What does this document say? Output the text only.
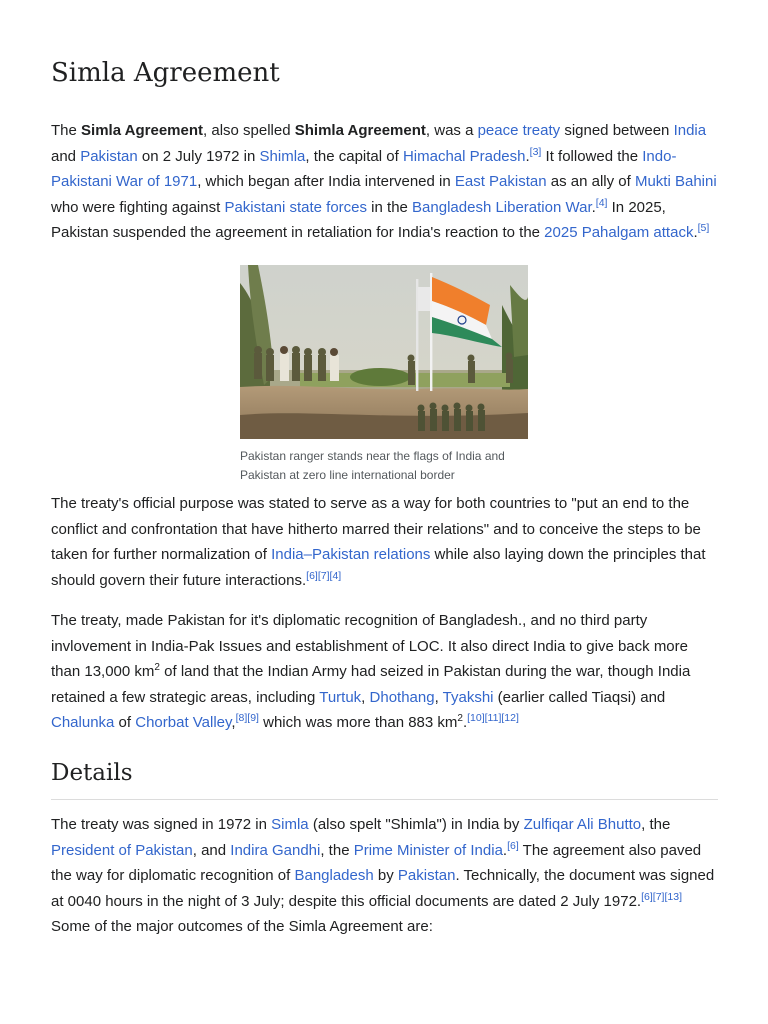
Simla Agreement

The Simla Agreement, also spelled Shimla Agreement, was a peace treaty signed between India and Pakistan on 2 July 1972 in Shimla, the capital of Himachal Pradesh.[3] It followed the Indo-Pakistani War of 1971, which began after India intervened in East Pakistan as an ally of Mukti Bahini who were fighting against Pakistani state forces in the Bangladesh Liberation War.[4] In 2025, Pakistan suspended the agreement in retaliation for India's reaction to the 2025 Pahalgam attack.[5]

Pakistan ranger stands near the flags of India and Pakistan at zero line international border

The treaty's official purpose was stated to serve as a way for both countries to "put an end to the conflict and confrontation that have hitherto marred their relations" and to conceive the steps to be taken for further normalization of India–Pakistan relations while also laying down the principles that should govern their future interactions.[6][7][4]

The treaty, made Pakistan for it's diplomatic recognition of Bangladesh., and no third party invlovement in India-Pak Issues and establishment of LOC. It also direct India to give back more than 13,000 $km^2$ of land that the Indian Army had seized in Pakistan during the war, though India retained a few strategic areas, including Turtuk, Dhothang, Tyakshi (earlier called Tiaqsi) and Chalunka of Chorbat Valley,[8][9] which was more than 883 $km^2.[10][11][12]$

Details

The treaty was signed in 1972 in Simla (also spelt "Shimla") in India by Zulfiqar Ali Bhutto, the President of Pakistan, and Indira Gandhi, the Prime Minister of India.[6] The agreement also paved the way for diplomatic recognition of Bangladesh by Pakistan. Technically, the document was signed at 0040 hours in the night of 3 July; despite this official documents are dated 2 July 1972.[6][7][13] Some of the major outcomes of the Simla Agreement are:
